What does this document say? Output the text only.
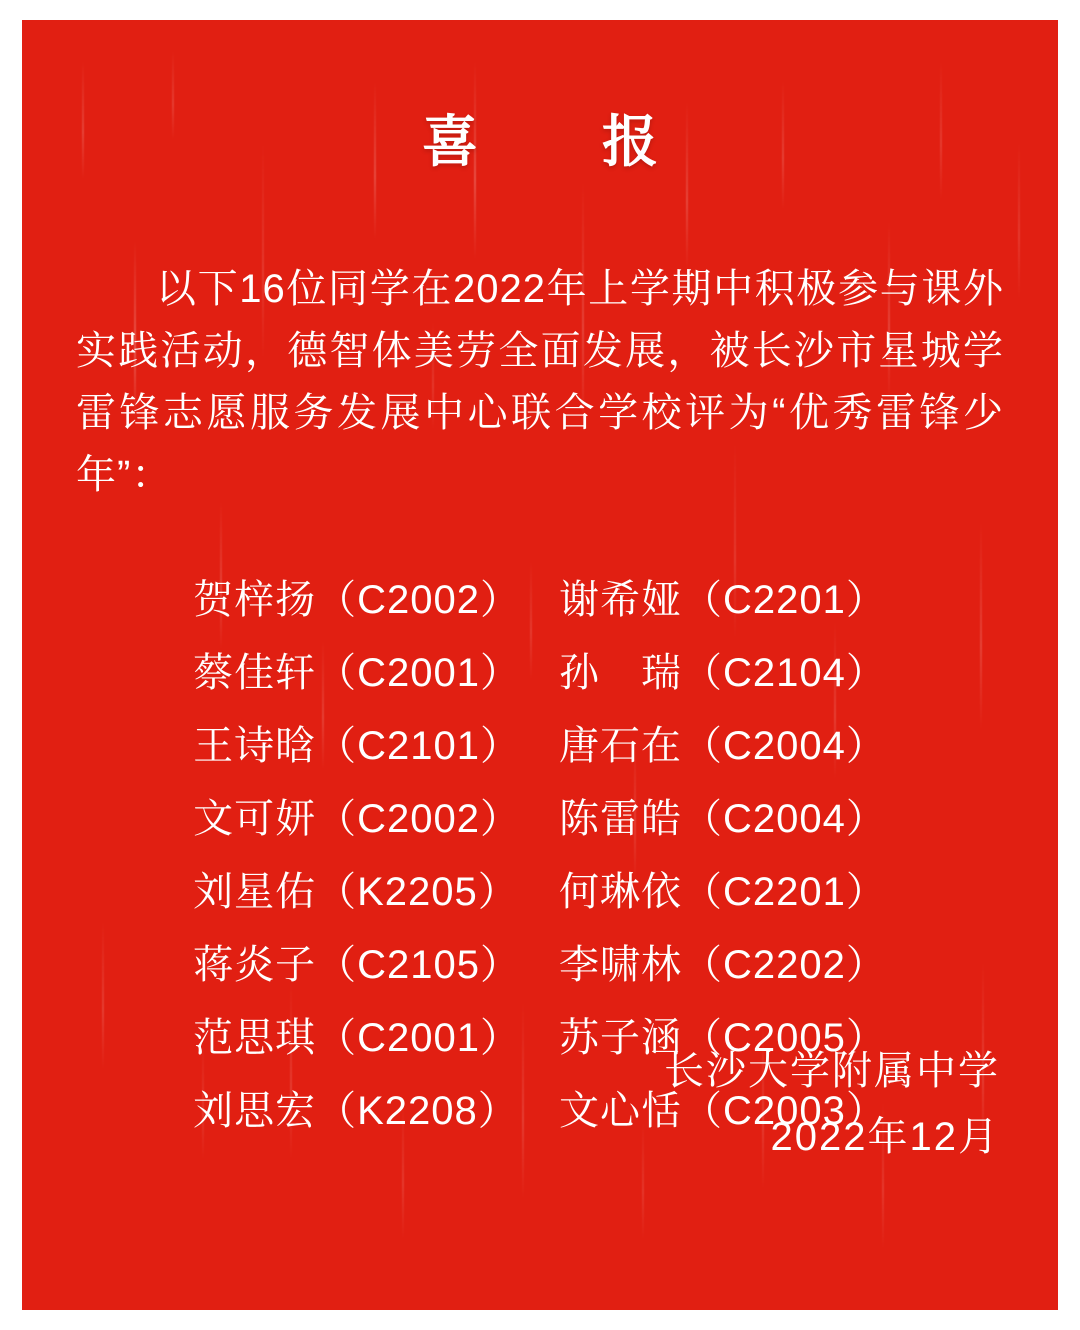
喜　报
以下16位同学在2022年上学期中积极参与课外实践活动，德智体美劳全面发展，被长沙市星城学雷锋志愿服务发展中心联合学校评为“优秀雷锋少年”：
贺梓扬（C2002） 谢希娅（C2201）
蔡佳轩（C2001） 孙　瑞（C2104）
王诗晗（C2101） 唐石在（C2004）
文可妍（C2002） 陈雷皓（C2004）
刘星佑（K2205） 何琳依（C2201）
蒋炎子（C2105） 李啸林（C2202）
范思琪（C2001） 苏子涵（C2005）
刘思宏（K2208） 文心恬（C2003）
长沙大学附属中学
2022年12月
